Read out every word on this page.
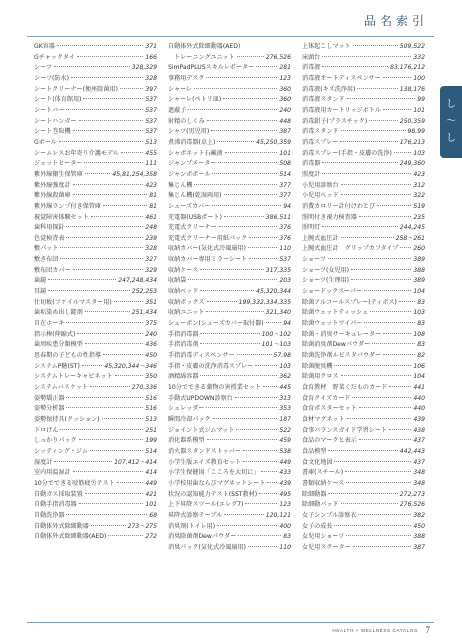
品名索引
し
〜
し
GK容器	371
Gチャックタイ	166
シーツ	328,329
シーツ(防水)	328
シートクリーナー(便座除菌用)	397
シート(体育館用)	537
シートバー	537
シートハンガー	537
シート巻取機	537
Gボール	513
シームレスお年寄り介護モデル	455
ジェットヒーター	111
紫外線衛生保管庫	45,81,254,358
紫外線強度計	423
紫外線殺菌庫	81
紫外線ランプ付き保管庫	81
視覚障害体験セット	461
歯科用探針	248
色覚検査表	239
敷パット	328
敷き布団	327
敷布団カバー	329
歯鏡	247,248,434
耳鏡	252,253
仕切板(ファイルマスター用)	351
歯垢染め出し錠剤	251,434
自在ホーキ	375
指示棒(伸縮式)	240
歯周疾患分類模型	436
思春期の子どもの性指導	450
システムP糖(ST)	45,320,344〜346
システムトレーキャビネット	350
システムバスケット	270,336
姿勢矯正器	516
姿勢分析器	516
姿勢保持具(クッション)	513
下ロげん	251
しっかりパック	199
シッティング・ジム	514
湿度計	107,412〜414
室内用温湿計	414
10分でできる咬筋疲労テスト	449
自動ガス採取装置	421
自動手指消毒器	101
自動洗浄器	68
自動体外式除細動器	273〜275
自動体外式除細動器(AED)	272
自動体外式除細動器(AED)
　トレーニングユニット	276,526
SimPadPLUSスキルレポーター	281
事務用デスク	123
シャーレ	360
シャーレ(ペトリ皿)	360
遮蔽子	240
射精のしくみ	448
シャツ(男児用)	387
煮沸消毒器(卓上)	45,250,359
シャボネット石鹸液	101
ジャンプメーター	508
ジャンボボール	514
集じん機	377
集じん機(乾湿両用)	377
シューズカバー	94
充電器(USBポート)	386,511
充電式クリーナー	376
充電式クリーナー用紙パック	376
収納カバー(気化式冷風扇用)	110
収納カバー専用ミラーシート	537
収納ケース	317,335
収納袋	203
収納ベッド	45,320,344
収納ボックス	199,332,334,335
収納ユニット	321,340
シューボン(シューズカバー取付器)	94
手指消毒器	100〜102
手指消毒剤	101〜103
手指消毒ディスペンサー	57,98
手指・皮膚の洗浄消毒スプレー	103
酒精綿容器	362
10分でできる薬物の害授業セット	445
手動式UPDOWN診察台	313
シュレッダー	353
瞬間冷却パック	187
ジョイント式ジムマット	522
消化器系模型	459
消火器スタンドストッパー	538
小学生版エイズ教育セット	449
小学生保健図「こころを大切に」	433
小学校用歯ならびマグネットシート 439
状況の認知能力テスト(SST教材)	495
上下昇降スツール(エレグ7)	123
昇降式診察テーブル	120,121
消臭剤(トイレ用)	400
消臭除菌剤Dewパウダー	83
消臭パック(気化式冷風扇用)	110
上体起こしマット	509,522
床頭台	332
消毒液	83,176,212
消毒液オートディスペンサー	100
消毒液(キズ洗浄用)	138,176
消毒液スタンド	99
消毒液用カートリッジボトル	101
消毒鉗子(プラスチック)	250,359
消毒スタンド	98,99
消毒スプレー	176,213
消毒スプレー(手指・皮膚の洗浄)	103
消毒器	249,360
照度計	423
小児用診察台	312
小児用ベッド	322
消費カロリー計付けわとび	519
照明付き視力検査器	235
照明灯	244,245
上腕式血圧計	258〜261
上腕式血圧計　グリップカフタイプ 260
ショーツ	389
ショーツ(女児用)	388
ショーツ(生理用)	389
ショードックスーパー	104
除菌アルコールスプレー(ティボス)	83
除菌ウェットティッシュ	103
除菌ウェットワイパー	83
除菌・消臭サーキュレーター	108
除菌消臭剤Dewパウダー	83
除菌洗浄剤ルビスタパウダー	82
除菌脱臭機	106
除菌用クロス	104
食育教材　野菜くだものカード	441
食育クイズカード	440
食育ポスターセット	440
食材マグネット	439
食事バランスガイド学習シート	438
食品のマークと表示	437
食品模型	442,443
食文化地図	437
書庫(スチール)	348
書類収納ケース	348
除細動器	272,273
除細動パッド	276,526
女子シンプル診察衣	382
女子の成長	450
女児用ショーツ	388
女児用スクーター	387
HEALTH + WELLNESS CATALOG 7
